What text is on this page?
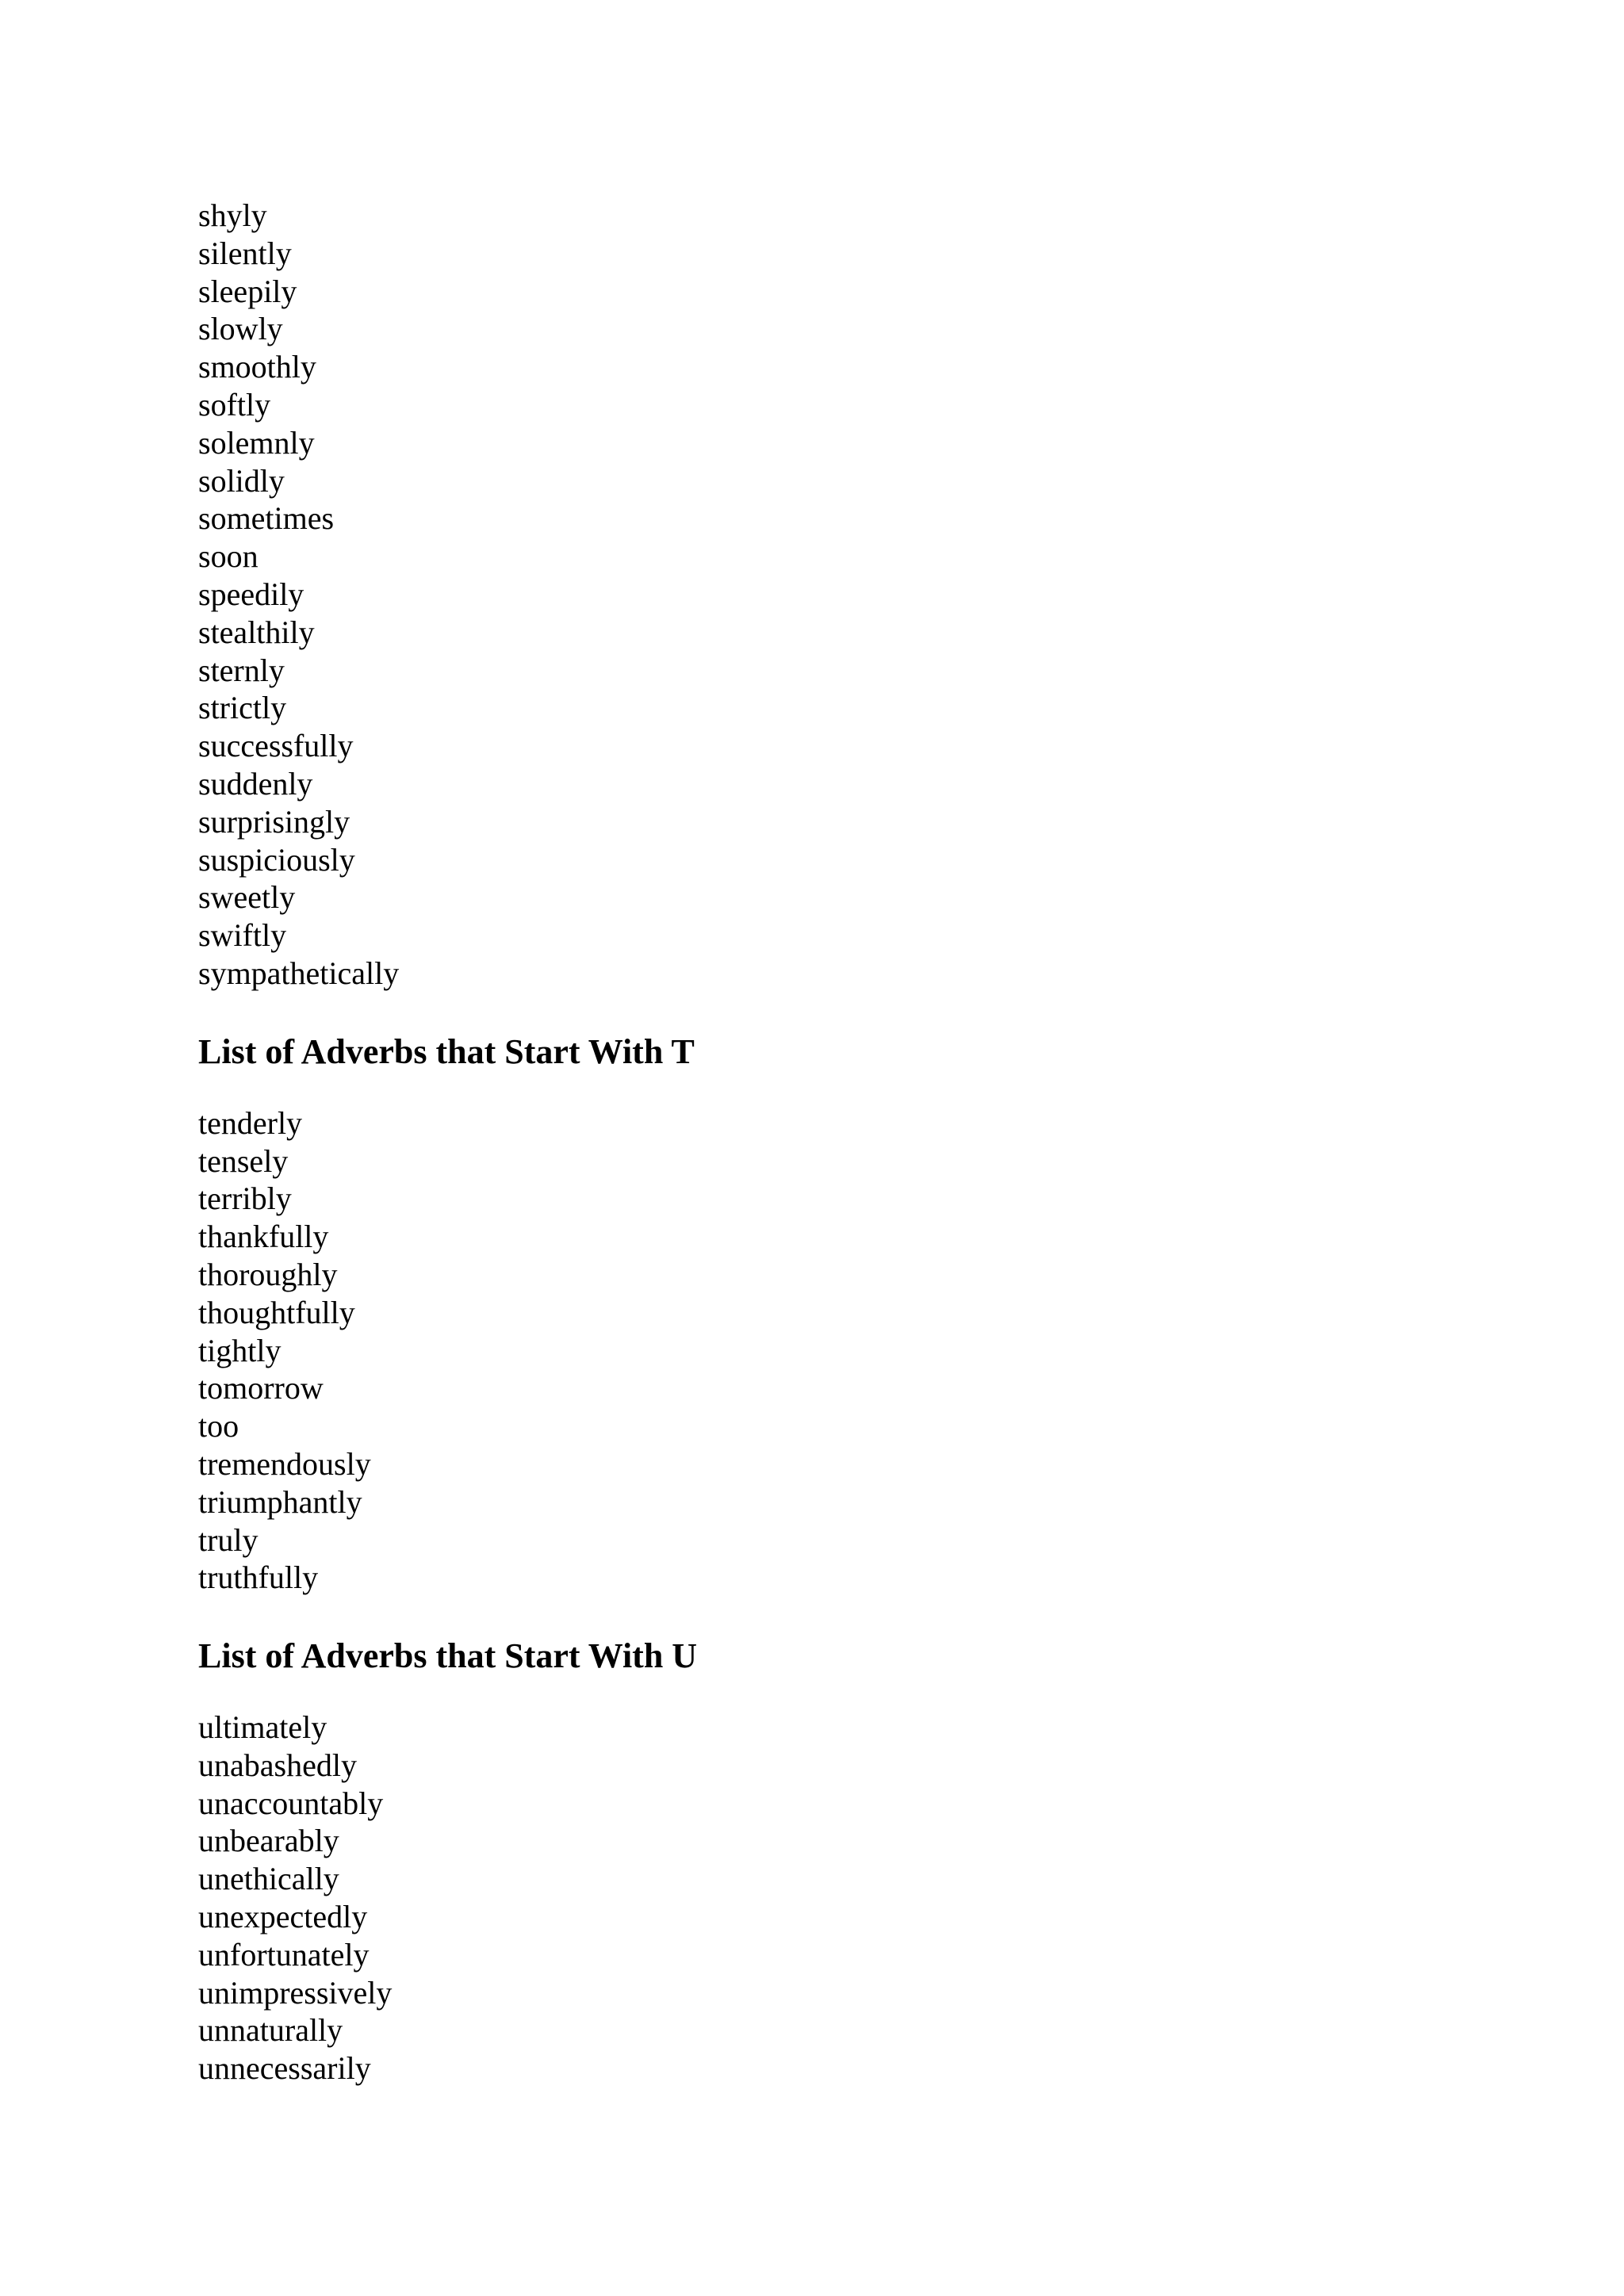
shyly
silently
sleepily
slowly
smoothly
softly
solemnly
solidly
sometimes
soon
speedily
stealthily
sternly
strictly
successfully
suddenly
surprisingly
suspiciously
sweetly
swiftly
sympathetically
List of Adverbs that Start With T
tenderly
tensely
terribly
thankfully
thoroughly
thoughtfully
tightly
tomorrow
too
tremendously
triumphantly
truly
truthfully
List of Adverbs that Start With U
ultimately
unabashedly
unaccountably
unbearably
unethically
unexpectedly
unfortunately
unimpressively
unnaturally
unnecessarily
